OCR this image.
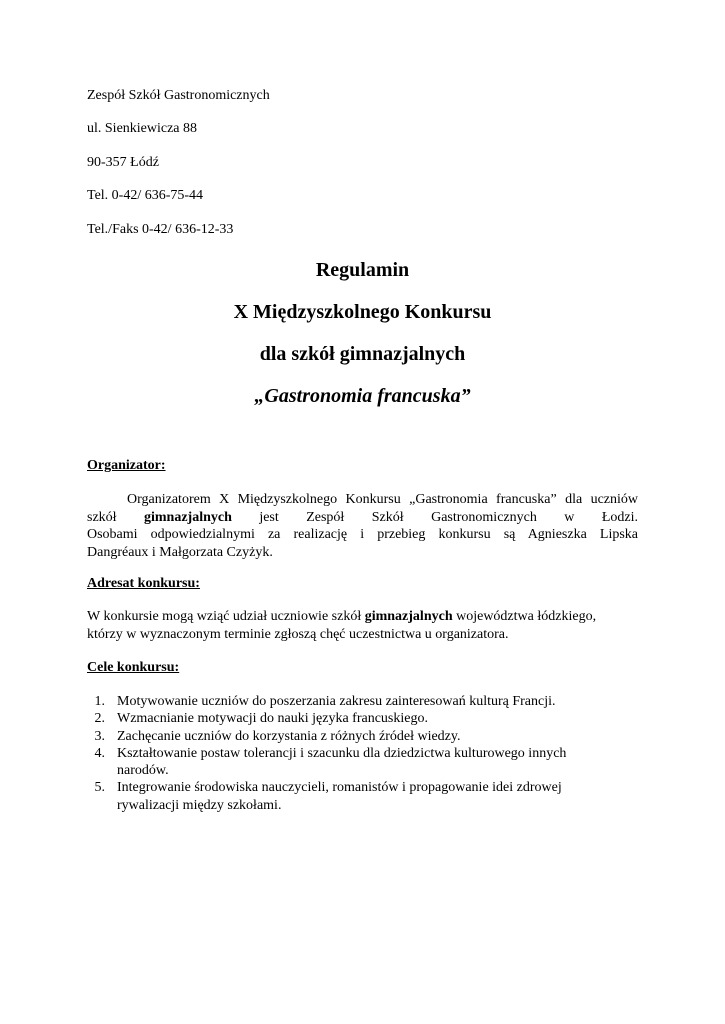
Zespół Szkół Gastronomicznych
ul. Sienkiewicza 88
90-357 Łódź
Tel. 0-42/ 636-75-44
Tel./Faks 0-42/ 636-12-33
Regulamin
X Międzyszkolnego Konkursu
dla szkół gimnazjalnych
„Gastronomia francuska”
Organizator:
Organizatorem X Międzyszkolnego Konkursu „Gastronomia francuska” dla uczniów
szkół gimnazjalnych jest Zespół Szkół Gastronomicznych w Łodzi.
Osobami odpowiedzialnymi za realizację i przebieg konkursu są Agnieszka Lipska
Dangréaux i Małgorzata Czyżyk.
Adresat konkursu:
W konkursie mogą wziąć udział uczniowie szkół gimnazjalnych województwa łódzkiego,
którzy w wyznaczonym terminie zgłoszą chęć uczestnictwa u organizatora.
Cele konkursu:
1. Motywowanie uczniów do poszerzania zakresu zainteresowań kulturą Francji.
2. Wzmacnianie motywacji do nauki języka francuskiego.
3. Zachęcanie uczniów do korzystania z różnych źródeł wiedzy.
4. Kształtowanie postaw tolerancji i szacunku dla dziedzictwa kulturowego innych
narodów.
5. Integrowanie środowiska nauczycieli, romanistów i propagowanie idei zdrowej
rywalizacji między szkołami.
